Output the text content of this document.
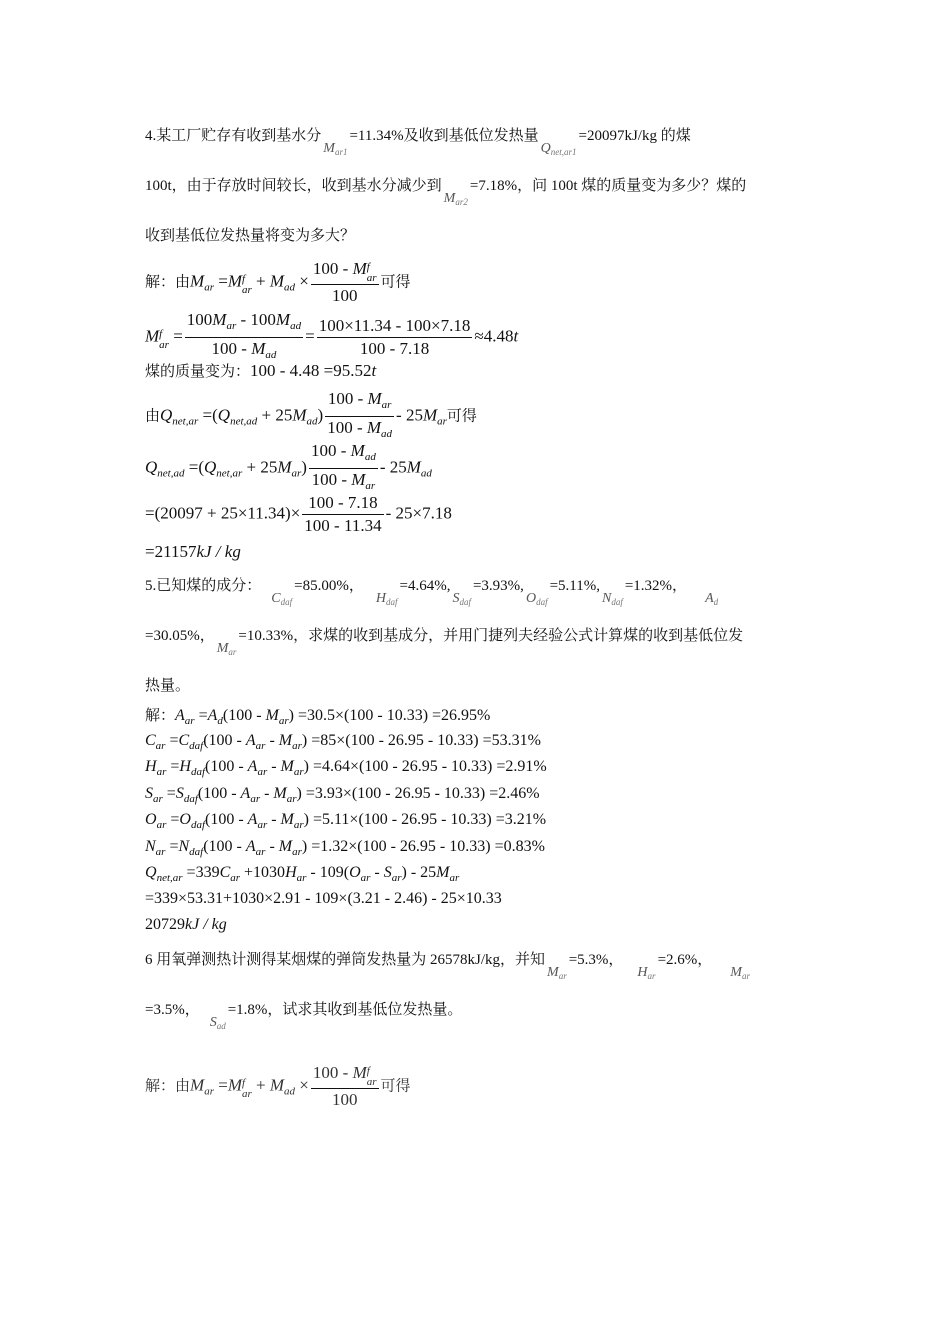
4.某工厂贮存有收到基水分$M_{ar1}=11.34\%$及收到基低位发热量$Q_{net,ar1}=20097kJ/kg$ 的煤
100t，由于存放时间较长，收到基水分减少到$M_{ar2}=7.18\%$，问 100t 煤的质量变为多少？煤的
收到基低位发热量将变为多大？
解：由$M_{ar} =Mf$
ar + $M_{ad}$ ×
100 - Mf
ar
100
可得
Mf
ar = $\frac{100M_{ar} - 100M_{ad}}{100 - M_{ad}} = \frac{100\times 11.34 - 100\times 7.18}{100 - 7.18} \approx 4.48t$
煤的质量变为：100 - 4.48 =95.52t
由$Q_{net,ar} =(Q_{net,ad} + 25M_{ad}) \frac{100 - M_{ar}}{100 - M_{ad}} - 25M_{ar}$可得
$Q_{net,ad} =(Q_{net,ar} + 25M_{ar}) \frac{100 - M_{ad}}{100 - M_{ar}} - 25M_{ad}$
$=(20097 + 25\times 11.34)\times \frac{100 - 7.18}{100 - 11.34} - 25\times 7.18$
=21157kJ / kg
5.已知煤的成分：$C_{daf}=85.00\%$，$H_{daf}=4.64\%,S_{daf}=3.93\%,O_{daf}=5.11\%,N_{daf}=1.32\%$，$A_d$
=30.05%，$M_{ar}=10.33\%$，求煤的收到基成分，并用门捷列夫经验公式计算煤的收到基低位发
热量。
解：$A_{ar} =A_d(100 - M_{ar}) =30.5\times(100 - 10.33) =26.95\%$
$C_{ar} =C_{daf}(100 - A_{ar} - M_{ar}) =85\times(100 - 26.95 - 10.33) =53.31\%$
$H_{ar} =H_{daf}(100 - A_{ar} - M_{ar}) =4.64\times(100 - 26.95 - 10.33) =2.91\%$
$S_{ar} =S_{daf}(100 - A_{ar} - M_{ar}) =3.93\times(100 - 26.95 - 10.33) =2.46\%$
$O_{ar} =O_{daf}(100 - A_{ar} - M_{ar}) =5.11\times(100 - 26.95 - 10.33) =3.21\%$
$N_{ar} =N_{daf}(100 - A_{ar} - M_{ar}) =1.32\times(100 - 26.95 - 10.33) =0.83\%$
$Q_{net,ar} =339C_{ar} +1030H_{ar} - 109(O_{ar} - S_{ar}) - 25M_{ar}$
=339×53.31+1030×2.91 - 109×(3.21 - 2.46) - 25×10.33
20729kJ / kg
6 用氧弹测热计测得某烟煤的弹筒发热量为 26578kJ/kg，并知$M_{ar}=5.3\%$，$H_{ar}=2.6\%$，$M_{ar}$
=3.5%，$S_{ad}=1.8\%$，试求其收到基低位发热量。
解：由$M_{ar} =Mf$
ar + $M_{ad}$ ×
100 - Mf
ar
100
可得
